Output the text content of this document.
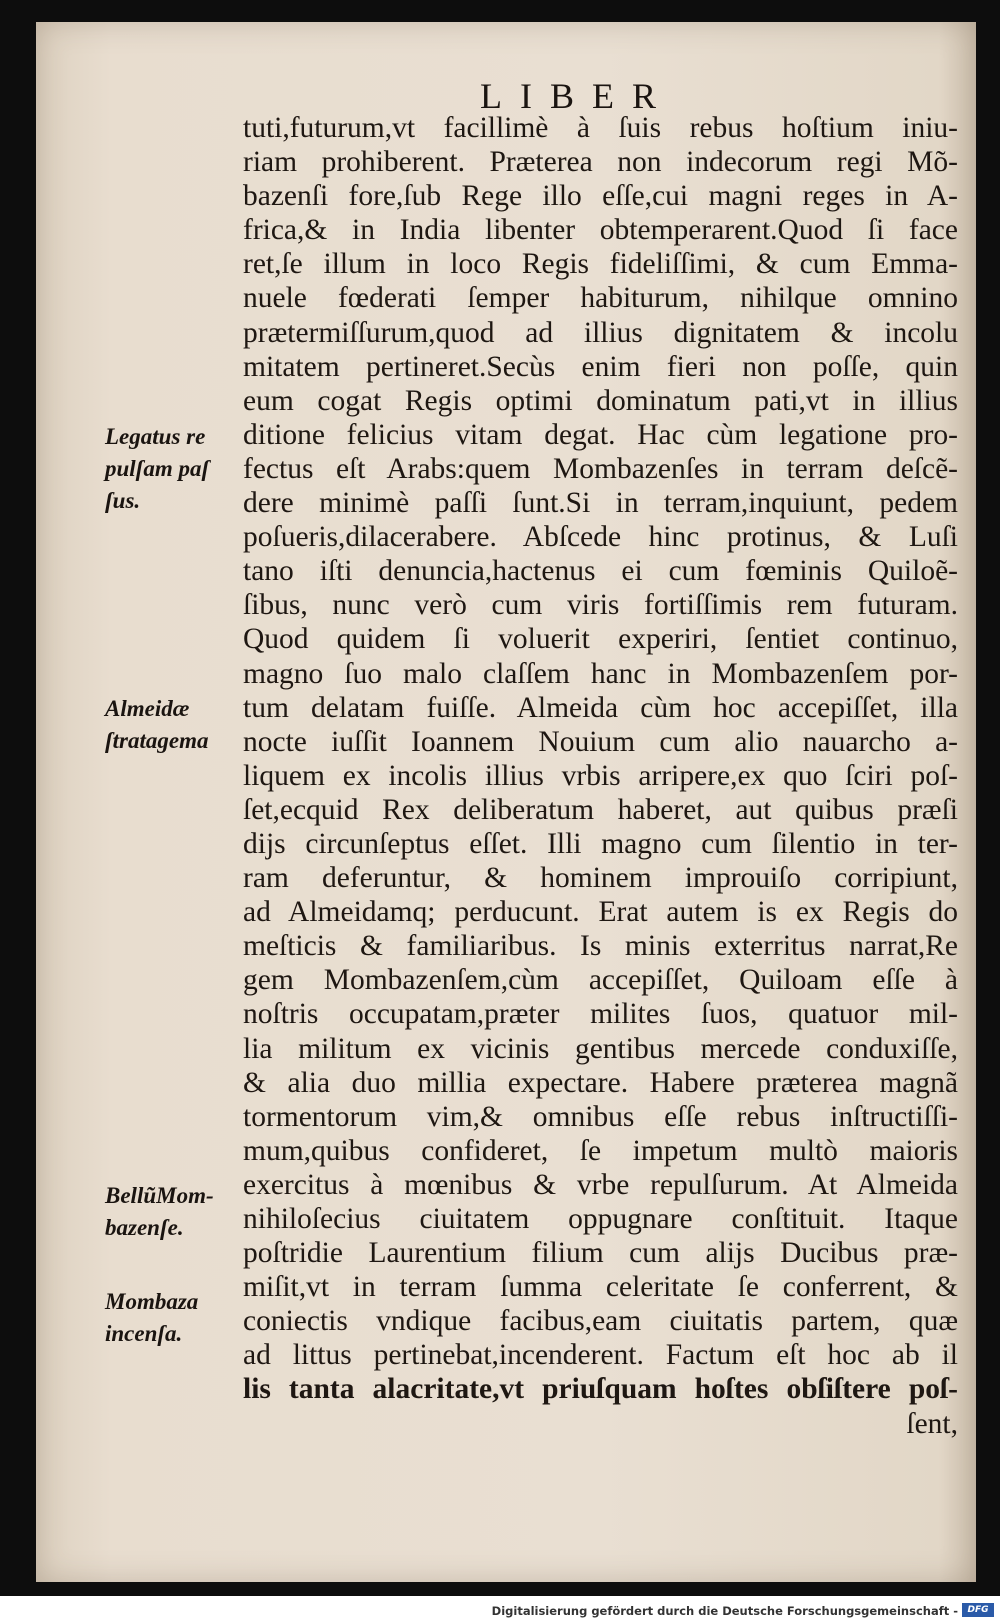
LIBER
tuti,futurum,vt facillimè à ſuis rebus hoſtium iniu-
riam prohiberent. Præterea non indecorum regi Mõ-
bazenſi fore,ſub Rege illo eſſe,cui magni reges in A-
frica,& in India libenter obtemperarent.Quod ſi face
ret,ſe illum in loco Regis fideliſſimi, & cum Emma-
nuele fœderati ſemper habiturum, nihilque omnino
prætermiſſurum,quod ad illius dignitatem & incolu
mitatem pertineret.Secùs enim fieri non poſſe, quin
eum cogat Regis optimi dominatum pati,vt in illius
ditione felicius vitam degat. Hac cùm legatione pro-
fectus eſt Arabs:quem Mombazenſes in terram deſcẽ-
dere minimè paſſi ſunt.Si in terram,inquiunt, pedem
poſueris,dilacerabere. Abſcede hinc protinus, & Luſi
tano iſti denuncia,hactenus ei cum fœminis Quiloẽ-
ſibus, nunc verò cum viris fortiſſimis rem futuram.
Quod quidem ſi voluerit experiri, ſentiet continuo,
magno ſuo malo claſſem hanc in Mombazenſem por-
tum delatam fuiſſe. Almeida cùm hoc accepiſſet, illa
nocte iuſſit Ioannem Nouium cum alio nauarcho a-
liquem ex incolis illius vrbis arripere,ex quo ſciri poſ-
ſet,ecquid Rex deliberatum haberet, aut quibus præſi
dijs circunſeptus eſſet. Illi magno cum ſilentio in ter-
ram deferuntur, & hominem improuiſo corripiunt,
ad Almeidamq; perducunt. Erat autem is ex Regis do
meſticis & familiaribus. Is minis exterritus narrat,Re
gem Mombazenſem,cùm accepiſſet, Quiloam eſſe à
noſtris occupatam,præter milites ſuos, quatuor mil-
lia militum ex vicinis gentibus mercede conduxiſſe,
& alia duo millia expectare. Habere præterea magnã
tormentorum vim,& omnibus eſſe rebus inſtructiſſi-
mum,quibus confideret, ſe impetum multò maioris
exercitus à mœnibus & vrbe repulſurum. At Almeida
nihiloſecius ciuitatem oppugnare conſtituit. Itaque
poſtridie Laurentium filium cum alijs Ducibus præ-
miſit,vt in terram ſumma celeritate ſe conferrent, &
coniectis vndique facibus,eam ciuitatis partem, quæ
ad littus pertinebat,incenderent. Factum eſt hoc ab il
lis tanta alacritate,vt priuſquam hoſtes obſiſtere poſ-
ſent,
Legatus re
pulſam paſ
ſus.
Almeidæ
ſtratagema
BellũMom-
bazenſe.
Mombaza
incenſa.
Digitalisierung gefördert durch die Deutsche Forschungsgemeinschaft -	DFG
